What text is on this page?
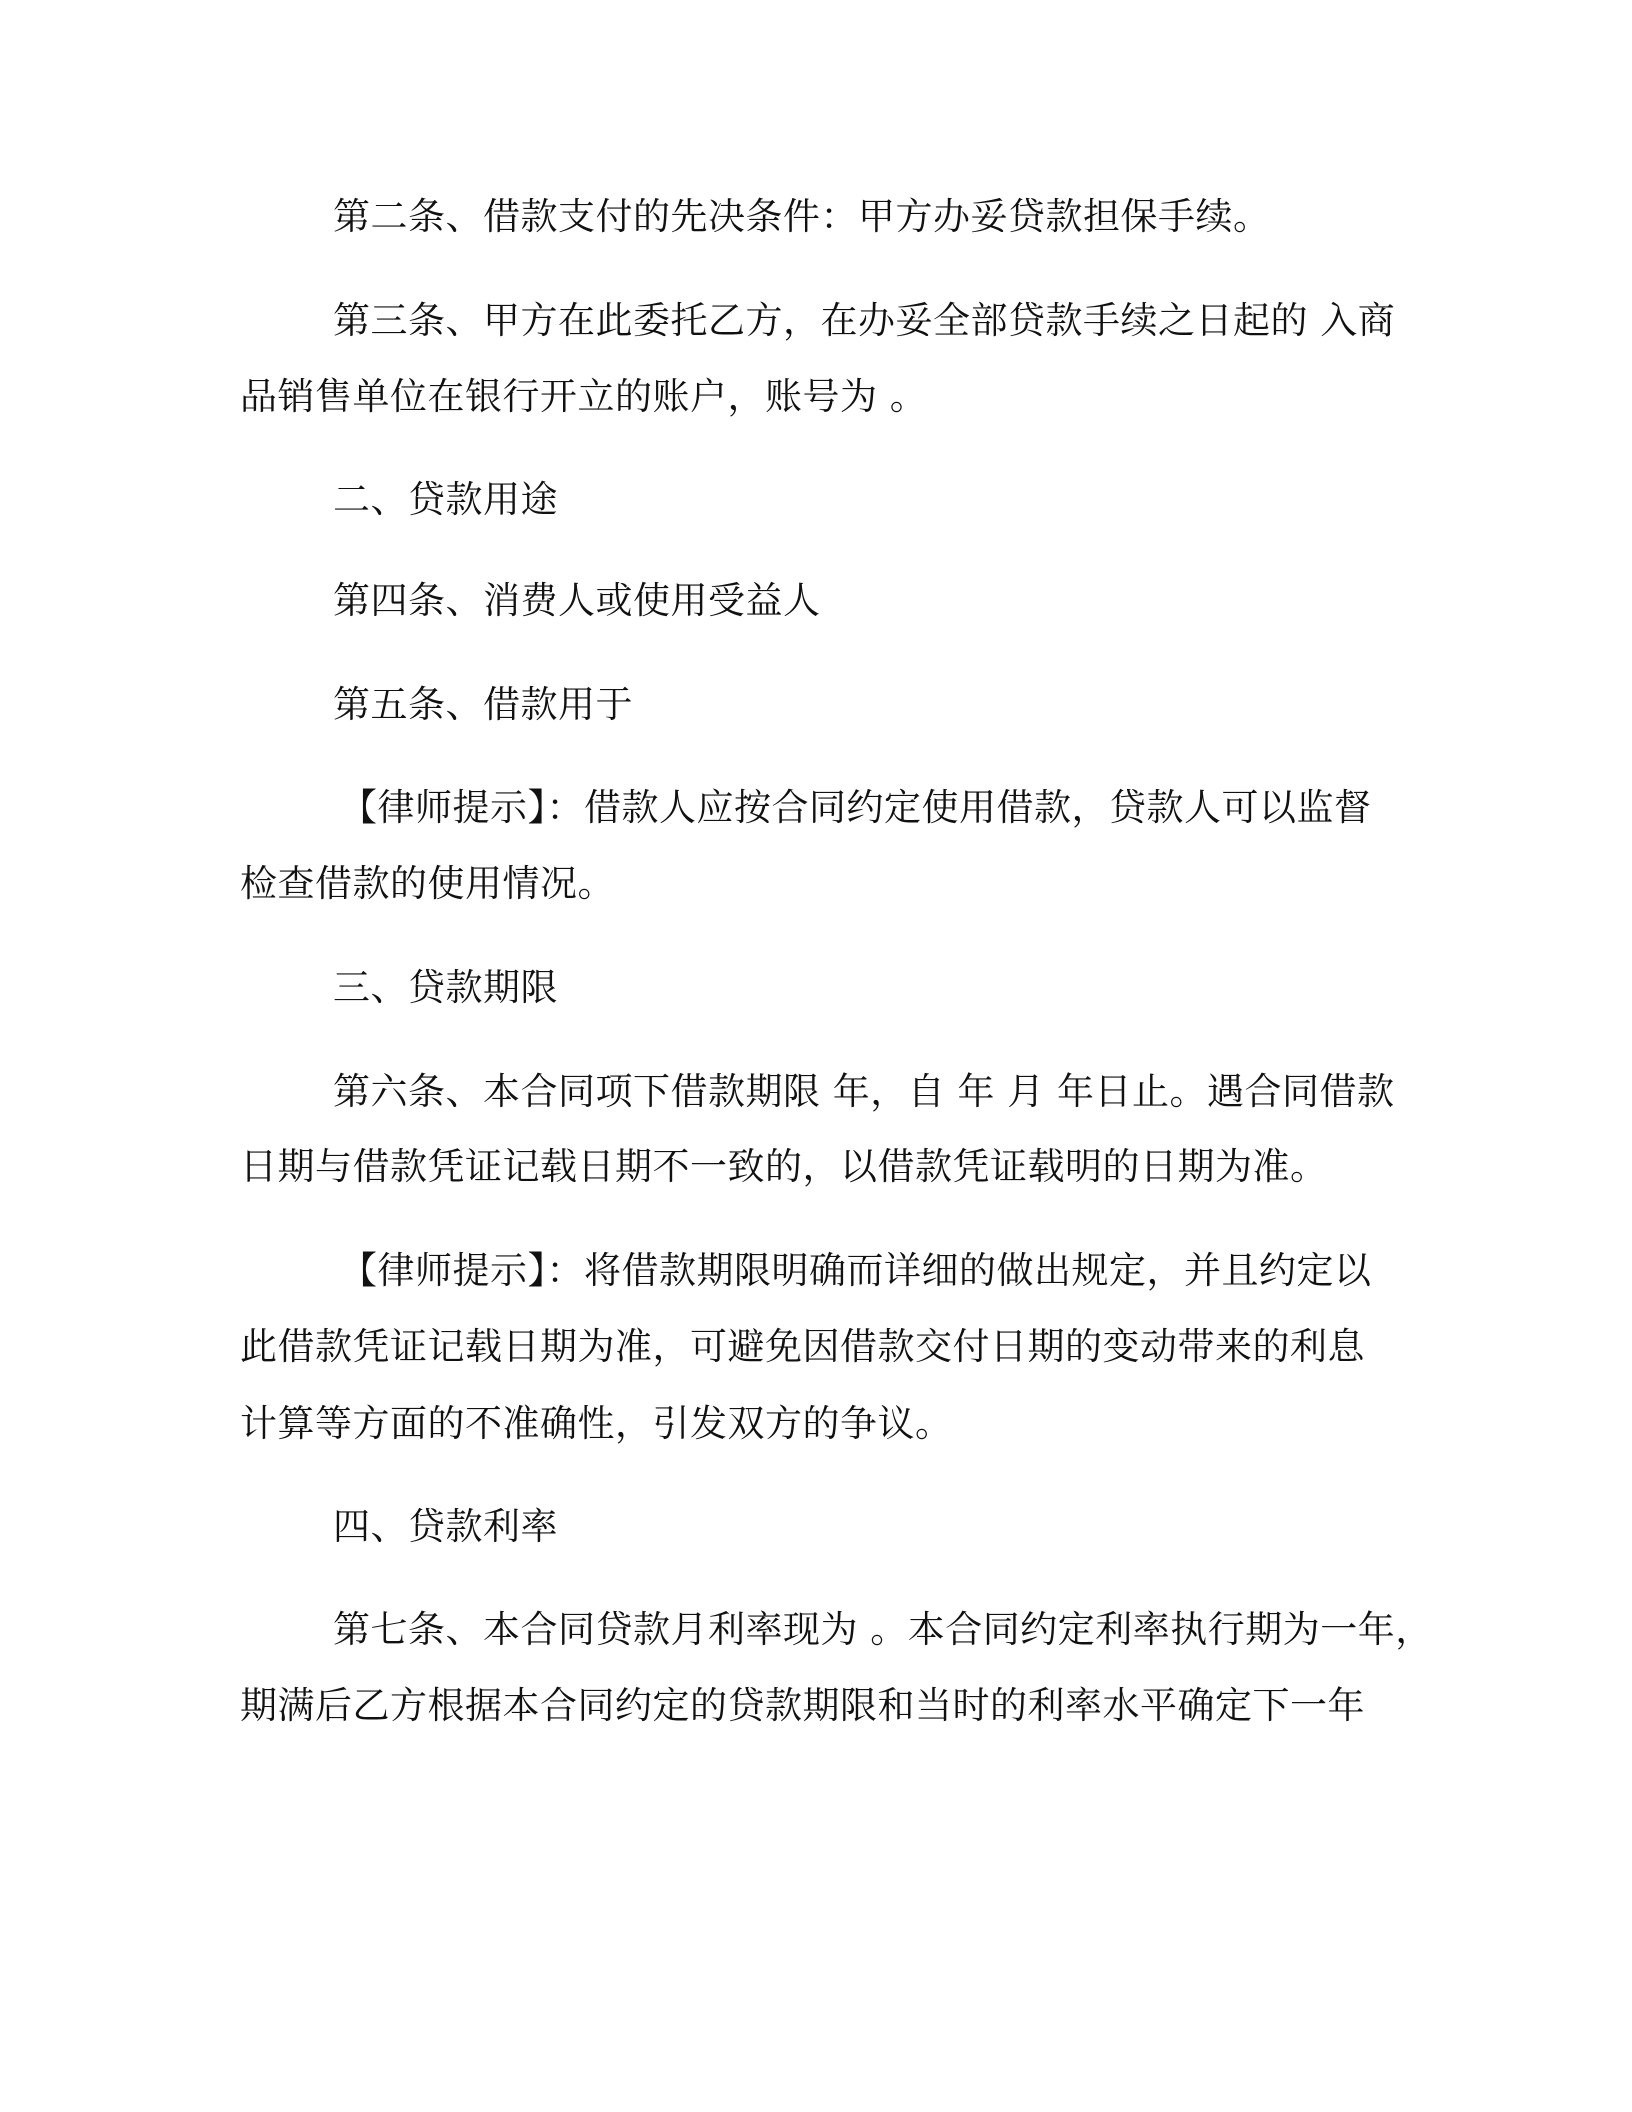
第二条、借款支付的先决条件：甲方办妥贷款担保手续。
第三条、甲方在此委托乙方，在办妥全部贷款手续之日起的 入商
品销售单位在银行开立的账户，账号为 。
二、贷款用途
第四条、消费人或使用受益人
第五条、借款用于
【律师提示】：借款人应按合同约定使用借款，贷款人可以监督
检查借款的使用情况。
三、贷款期限
第六条、本合同项下借款期限 年，自 年 月 年日止。遇合同借款
日期与借款凭证记载日期不一致的，以借款凭证载明的日期为准。
【律师提示】：将借款期限明确而详细的做出规定，并且约定以
此借款凭证记载日期为准，可避免因借款交付日期的变动带来的利息
计算等方面的不准确性，引发双方的争议。
四、贷款利率
第七条、本合同贷款月利率现为 。本合同约定利率执行期为一年，
期满后乙方根据本合同约定的贷款期限和当时的利率水平确定下一年
